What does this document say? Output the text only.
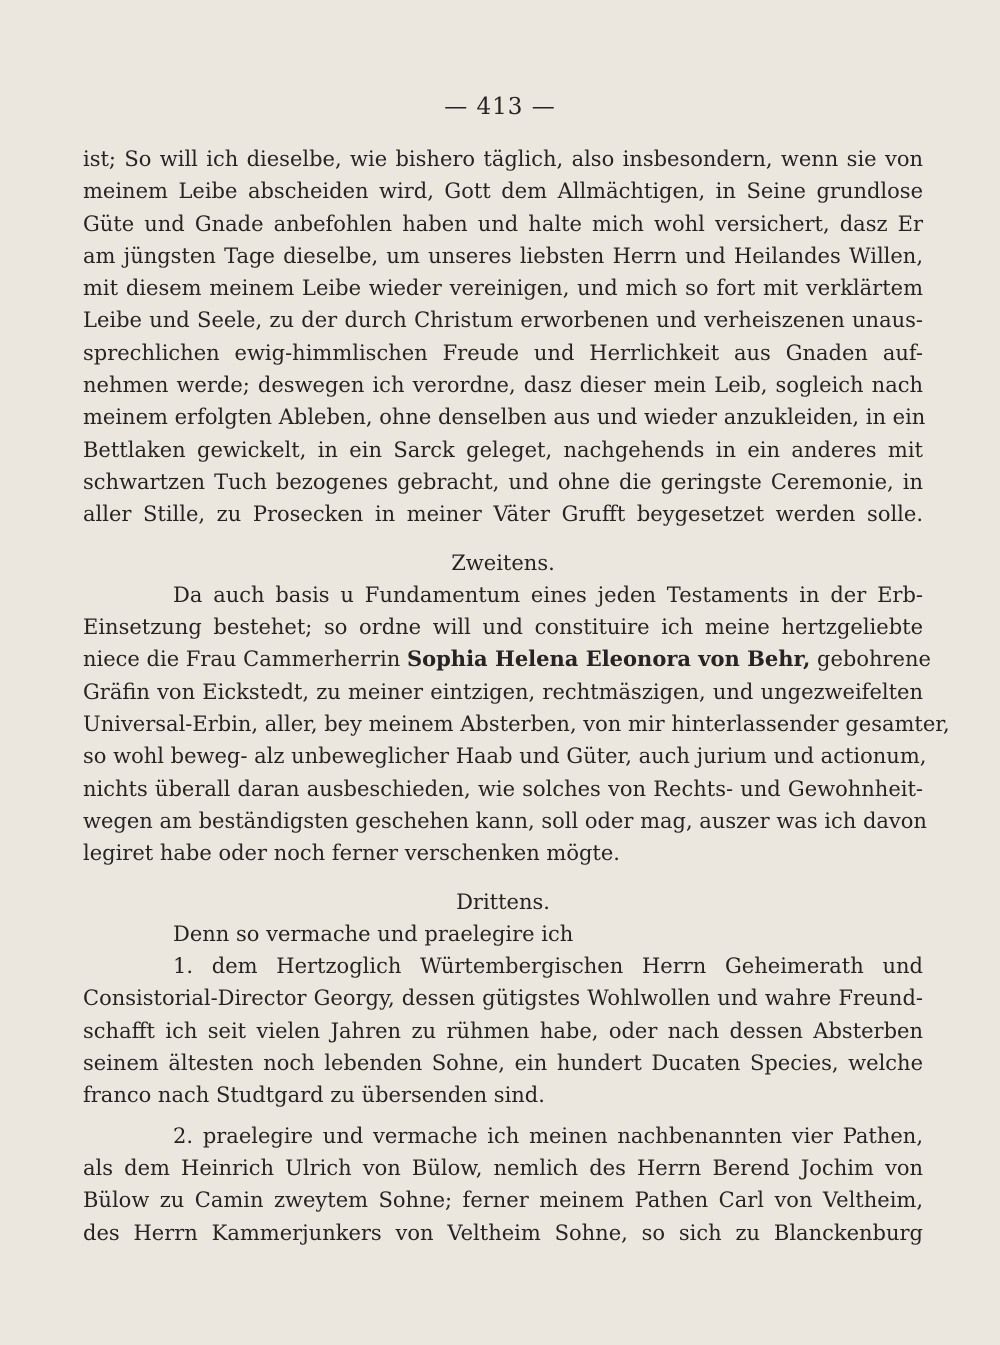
— 413 —
ist; So will ich dieselbe, wie bishero täglich, also insbesondern, wenn sie von
meinem Leibe abscheiden wird, Gott dem Allmächtigen, in Seine grundlose
Güte und Gnade anbefohlen haben und halte mich wohl versichert, dasz Er
am jüngsten Tage dieselbe, um unseres liebsten Herrn und Heilandes Willen,
mit diesem meinem Leibe wieder vereinigen, und mich so fort mit verklärtem
Leibe und Seele, zu der durch Christum erworbenen und verheiszenen unaus-
sprechlichen ewig-himmlischen Freude und Herrlichkeit aus Gnaden auf-
nehmen werde; deswegen ich verordne, dasz dieser mein Leib, sogleich nach
meinem erfolgten Ableben, ohne denselben aus und wieder anzukleiden, in ein
Bettlaken gewickelt, in ein Sarck geleget, nachgehends in ein anderes mit
schwartzen Tuch bezogenes gebracht, und ohne die geringste Ceremonie, in
aller Stille, zu Prosecken in meiner Väter Grufft beygesetzet werden solle.
Zweitens.
Da auch basis u Fundamentum eines jeden Testaments in der Erb-
Einsetzung bestehet; so ordne will und constituire ich meine hertzgeliebte
niece die Frau Cammerherrin Sophia Helena Eleonora von Behr, gebohrene
Gräfin von Eickstedt, zu meiner eintzigen, rechtmäszigen, und ungezweifelten
Universal-Erbin, aller, bey meinem Absterben, von mir hinterlassender gesamter,
so wohl beweg- alz unbeweglicher Haab und Güter, auch jurium und actionum,
nichts überall daran ausbeschieden, wie solches von Rechts- und Gewohnheit-
wegen am beständigsten geschehen kann, soll oder mag, auszer was ich davon
legiret habe oder noch ferner verschenken mögte.
Drittens.
Denn so vermache und praelegire ich
1. dem Hertzoglich Würtembergischen Herrn Geheimerath und
Consistorial-Director Georgy, dessen gütigstes Wohlwollen und wahre Freund-
schafft ich seit vielen Jahren zu rühmen habe, oder nach dessen Absterben
seinem ältesten noch lebenden Sohne, ein hundert Ducaten Species, welche
franco nach Studtgard zu übersenden sind.
2. praelegire und vermache ich meinen nachbenannten vier Pathen,
als dem Heinrich Ulrich von Bülow, nemlich des Herrn Berend Jochim von
Bülow zu Camin zweytem Sohne; ferner meinem Pathen Carl von Veltheim,
des Herrn Kammerjunkers von Veltheim Sohne, so sich zu Blanckenburg
